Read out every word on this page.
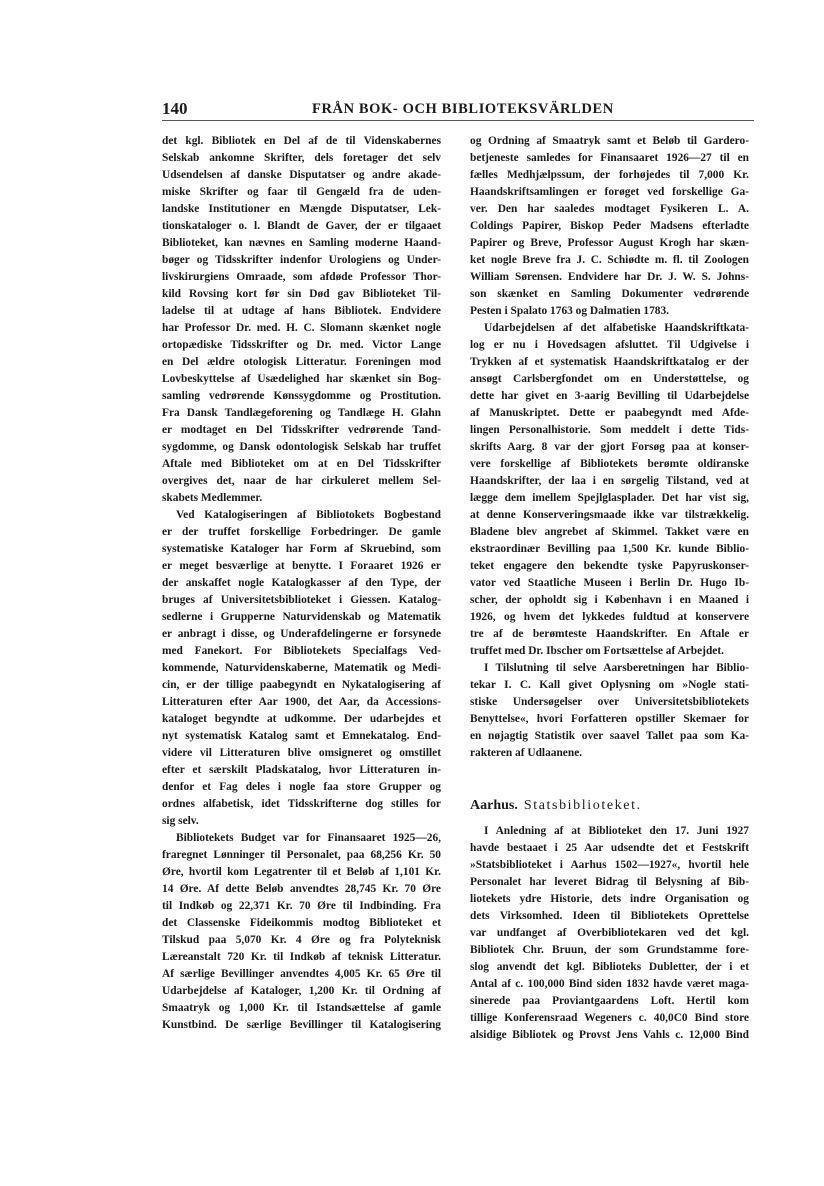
140	FRÅN BOK- OCH BIBLIOTEKSVÄRLDEN
det kgl. Bibliotek en Del af de til Videnskabernes
Selskab ankomne Skrifter, dels foretager det selv
Udsendelsen af danske Disputatser og andre akade-
miske Skrifter og faar til Gengæld fra de uden-
landske Institutioner en Mængde Disputatser, Lek-
tionskataloger o. l. Blandt de Gaver, der er tilgaaet
Biblioteket, kan nævnes en Samling moderne Haand-
bøger og Tidsskrifter indenfor Urologiens og Under-
livskirurgiens Omraade, som afdøde Professor Thor-
kild Rovsing kort før sin Død gav Biblioteket Til-
ladelse til at udtage af hans Bibliotek. Endvidere
har Professor Dr. med. H. C. Slomann skænket nogle
ortopædiske Tidsskrifter og Dr. med. Victor Lange
en Del ældre otologisk Litteratur. Foreningen mod
Lovbeskyttelse af Usædelighed har skænket sin Bog-
samling vedrørende Kønssygdomme og Prostitution.
Fra Dansk Tandlægeforening og Tandlæge H. Glahn
er modtaget en Del Tidsskrifter vedrørende Tand-
sygdomme, og Dansk odontologisk Selskab har truffet
Aftale med Biblioteket om at en Del Tidsskrifter
overgives det, naar de har cirkuleret mellem Sel-
skabets Medlemmer.
Ved Katalogiseringen af Bibliotokets Bogbestand
er der truffet forskellige Forbedringer. De gamle
systematiske Kataloger har Form af Skruebind, som
er meget besværlige at benytte. I Foraaret 1926 er
der anskaffet nogle Katalogkasser af den Type, der
bruges af Universitetsbiblioteket i Giessen. Katalog-
sedlerne i Grupperne Naturvidenskab og Matematik
er anbragt i disse, og Underafdelingerne er forsynede
med Fanekort. For Bibliotekets Specialfags Ved-
kommende, Naturvidenskaberne, Matematik og Medi-
cin, er der tillige paabegyndt en Nykatalogisering af
Litteraturen efter Aar 1900, det Aar, da Accessions-
kataloget begyndte at udkomme. Der udarbejdes et
nyt systematisk Katalog samt et Emnekatalog. End-
videre vil Litteraturen blive omsigneret og omstillet
efter et særskilt Pladskatalog, hvor Litteraturen in-
denfor et Fag deles i nogle faa store Grupper og
ordnes alfabetisk, idet Tidsskrifterne dog stilles for
sig selv.
Bibliotekets Budget var for Finansaaret 1925—26,
fraregnet Lønninger til Personalet, paa 68,256 Kr. 50
Øre, hvortil kom Legatrenter til et Beløb af 1,101 Kr.
14 Øre. Af dette Beløb anvendtes 28,745 Kr. 70 Øre
til Indkøb og 22,371 Kr. 70 Øre til Indbinding. Fra
det Classenske Fideikommis modtog Biblioteket et
Tilskud paa 5,070 Kr. 4 Øre og fra Polyteknisk
Læreanstalt 720 Kr. til Indkøb af teknisk Litteratur.
Af særlige Bevillinger anvendtes 4,005 Kr. 65 Øre til
Udarbejdelse af Kataloger, 1,200 Kr. til Ordning af
Smaatryk og 1,000 Kr. til Istandsættelse af gamle
Kunstbind. De særlige Bevillinger til Katalogisering
og Ordning af Smaatryk samt et Beløb til Gardero-
betjeneste samledes for Finansaaret 1926—27 til en
fælles Medhjælpssum, der forhøjedes til 7,000 Kr.
Haandskriftsamlingen er forøget ved forskellige Ga-
ver. Den har saaledes modtaget Fysikeren L. A.
Coldings Papirer, Biskop Peder Madsens efterladte
Papirer og Breve, Professor August Krogh har skæn-
ket nogle Breve fra J. C. Schiødte m. fl. til Zoologen
William Sørensen. Endvidere har Dr. J. W. S. Johns-
son skænket en Samling Dokumenter vedrørende
Pesten i Spalato 1763 og Dalmatien 1783.
Udarbejdelsen af det alfabetiske Haandskriftkata-
log er nu i Hovedsagen afsluttet. Til Udgivelse i
Trykken af et systematisk Haandskriftkatalog er der
ansøgt Carlsbergfondet om en Understøttelse, og
dette har givet en 3-aarig Bevilling til Udarbejdelse
af Manuskriptet. Dette er paabegyndt med Afde-
lingen Personalhistorie. Som meddelt i dette Tids-
skrifts Aarg. 8 var der gjort Forsøg paa at konser-
vere forskellige af Bibliotekets berømte oldiranske
Haandskrifter, der laa i en sørgelig Tilstand, ved at
lægge dem imellem Spejlglasplader. Det har vist sig,
at denne Konserveringsmaade ikke var tilstrækkelig.
Bladene blev angrebet af Skimmel. Takket være en
ekstraordinær Bevilling paa 1,500 Kr. kunde Biblio-
teket engagere den bekendte tyske Papyruskonser-
vator ved Staatliche Museen i Berlin Dr. Hugo Ib-
scher, der opholdt sig i København i en Maaned i
1926, og hvem det lykkedes fuldtud at konservere
tre af de berømteste Haandskrifter. En Aftale er
truffet med Dr. Ibscher om Fortsættelse af Arbejdet.
I Tilslutning til selve Aarsberetningen har Biblio-
tekar I. C. Kall givet Oplysning om »Nogle stati-
stiske Undersøgelser over Universitetsbibliotekets
Benyttelse«, hvori Forfatteren opstiller Skemaer for
en nøjagtig Statistik over saavel Tallet paa som Ka-
rakteren af Udlaanene.
Aarhus. Statsbiblioteket.
I Anledning af at Biblioteket den 17. Juni 1927
havde bestaaet i 25 Aar udsendte det et Festskrift
»Statsbiblioteket i Aarhus 1502—1927«, hvortil hele
Personalet har leveret Bidrag til Belysning af Bib-
liotekets ydre Historie, dets indre Organisation og
dets Virksomhed. Ideen til Bibliotekets Oprettelse
var undfanget af Overbibliotekaren ved det kgl.
Bibliotek Chr. Bruun, der som Grundstamme fore-
slog anvendt det kgl. Biblioteks Dubletter, der i et
Antal af c. 100,000 Bind siden 1832 havde været maga-
sinerede paa Proviantgaardens Loft. Hertil kom
tillige Konferensraad Wegeners c. 40,0C0 Bind store
alsidige Bibliotek og Provst Jens Vahls c. 12,000 Bind
